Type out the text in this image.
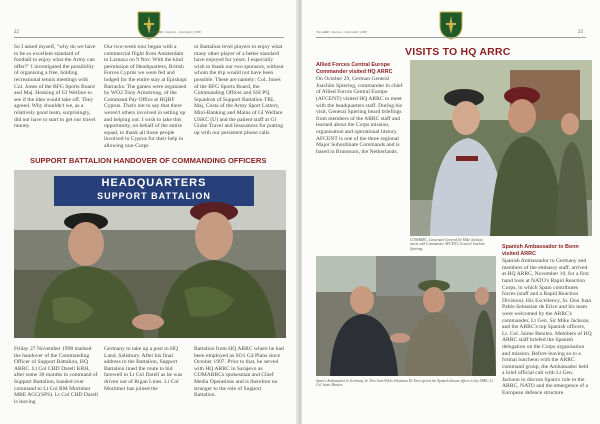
22	The ARRC Journal – December 1998
So I asked myself, "why do we have to be so excellent standard of football to enjoy what the Army can offer?" I investigated the possibility of organising a free, holding recreational tennis meetings with Col. Jones of the BFG Sports Board and Maj. Hosking of Gl Welfare to see if the idea would take off. They agreed. Why shouldn't we, as a relatively good team, surprisingly, did not have to start to get our travel money.
Our two-week tour began with a commercial flight from Amsterdam to Larnaca on 9 Nov. With the kind permission of Headquarters, British Forces Cyprus we were fed and lodged for the entire stay at Episkopi Barracks. The games were organised by WO2 Tony Armstrong, of the Command Pay Office at HQBF Cyprus. That's not to say that there weren't others involved in setting up and helping out. I wish to take this opportunity, on behalf of the entire squad, to thank all those people involved in Cyprus for their help in allowing non-Corps
or Battalion level players to enjoy what many other player of a better standard have enjoyed for years. I especially wish to thank our two sponsors, without whom the trip would not have been possible. These are namely: Col. Jones of the BFG Sports Board, the Commanding Officer and SSI PQ Squadron of Support Battalion TRL Maj. Costa of the Army Sport Lottery, Mini-Banking and Mains of Gl Welfare USKC (U) and the patient staff at Gl Gizke Travel and Insurances for putting up with our persistent phone calls.
SUPPORT BATTALION HANDOVER OF COMMANDING OFFICERS
HEADQUARTERS
SUPPORT BATTALION
Friday 27 November 1998 marked the handover of the Commanding Officer of Support Battalion, HQ ARRC. Lt Col CHD Darell KRH, after some 30 months in command of Support Battalion, handed over command to Lt Col RM Mortimer MBE AGC(SPS). Lt Col CHD Darell is leaving
Germany to take up a post in HQ Land, Salisbury. After his final address to the Battalion, Support Battalion lined the route to bid farewell to Lt Col Darell as he was driven out of Rigan Lines. Lt Col Mortimer has joined the
Battalion from HQ ARRC where he had been employed as SO1 G4 Plans since October 1997. Prior to that, he served with HQ ARRC in Sarajevo as COMARRCs spokesman and Chief Media Operations and is therefore no stranger to the role of Support Battalion.
The ARRC Journal – December 1998	23
VISITS TO HQ ARRC

Allied Forces Central Europe Commander visited HQ ARRC

On October 29, German General Joachim Spiering, commander in chief of Allied Forces Central Europe (AFCENT) visited HQ ARRC to meet with the headquarters staff. During his visit, General Spiering heard briefings from members of the ARRC staff and learned about the Corps mission, organisation and operational history. AFCENT is one of the three regional Major Subordinate Commands and is based in Brunssum, the Netherlands.

COMARRC, Lieutenant General Sir Mike Jackson, meets with Commander AFCENT, General Joachim Spiering.
Spain's Ambassador to Germany, Sr. Don Juan Pablo Sebastian De Erice greets the Spanish liaison officer to the ARRC, Lt Col Jaime Benitez.

Spanish Ambassador to Bonn visited ARRC

Spanish Ambassador to Germany and members of the embassy staff, arrived at HQ ARRC, November 10, for a first hand look at NATO's Rapid Reaction Corps, in which Spain contributes forces (staff and a Rapid Reaction Division). His Excellency, Sr. Don Juan Pablo Sebastian de Erice and his team were welcomed by the ARRC's commander, Lt Gen. Sir Mike Jackson, and the ARRC's top Spanish officers, Lt. Col. Jaime Benitez. Members of HQ ARRC staff briefed the Spanish delegation on the Corps organisation and mission. Before leaving so to a formal luncheon with the ARRC command group, the Ambassador held a brief official call with Lt Gen. Jackson to discuss Spain's role in the ARRC, NATO and the emergence of a European defence structure.
